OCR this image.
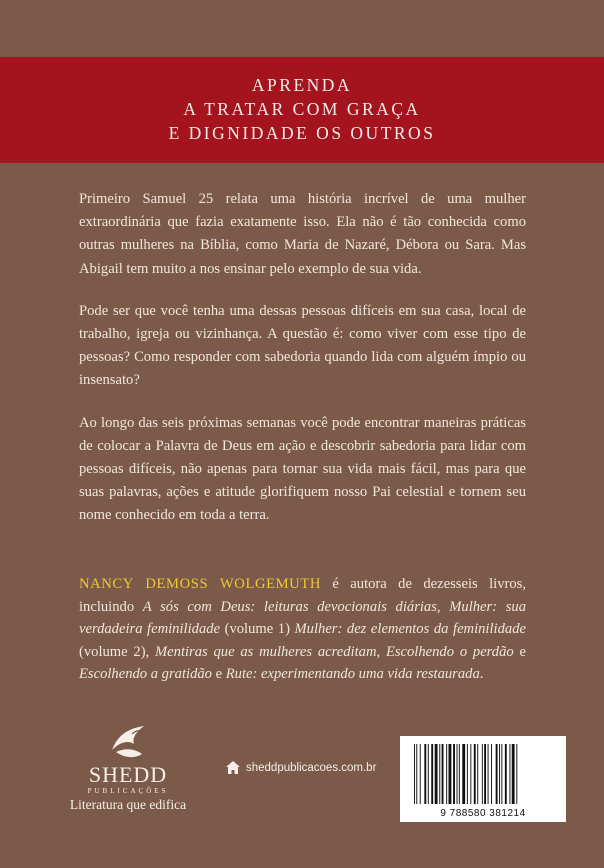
APRENDA
A TRATAR COM GRAÇA
E DIGNIDADE OS OUTROS

Primeiro Samuel 25 relata uma história incrível de uma mulher extraordinária que fazia exatamente isso. Ela não é tão conhecida como outras mulheres na Bíblia, como Maria de Nazaré, Débora ou Sara. Mas Abigail tem muito a nos ensinar pelo exemplo de sua vida.

Pode ser que você tenha uma dessas pessoas difíceis em sua casa, local de trabalho, igreja ou vizinhança. A questão é: como viver com esse tipo de pessoas? Como responder com sabedoria quando lida com alguém ímpio ou insensato?

Ao longo das seis próximas semanas você pode encontrar maneiras práticas de colocar a Palavra de Deus em ação e descobrir sabedoria para lidar com pessoas difíceis, não apenas para tornar sua vida mais fácil, mas para que suas palavras, ações e atitude glorifiquem nosso Pai celestial e tornem seu nome conhecido em toda a terra.

NANCY DEMOSS WOLGEMUTH é autora de dezesseis livros, incluindo A sós com Deus: leituras devocionais diárias, Mulher: sua verdadeira feminilidade (volume 1) Mulher: dez elementos da feminilidade (volume 2), Mentiras que as mulheres acreditam, Escolhendo o perdão e Escolhendo a gratidão e Rute: experimentando uma vida restaurada.
SHEDD
PUBLICAÇÕES
Literatura que edifica
sheddpublicacoes.com.br
9 788580 381214
